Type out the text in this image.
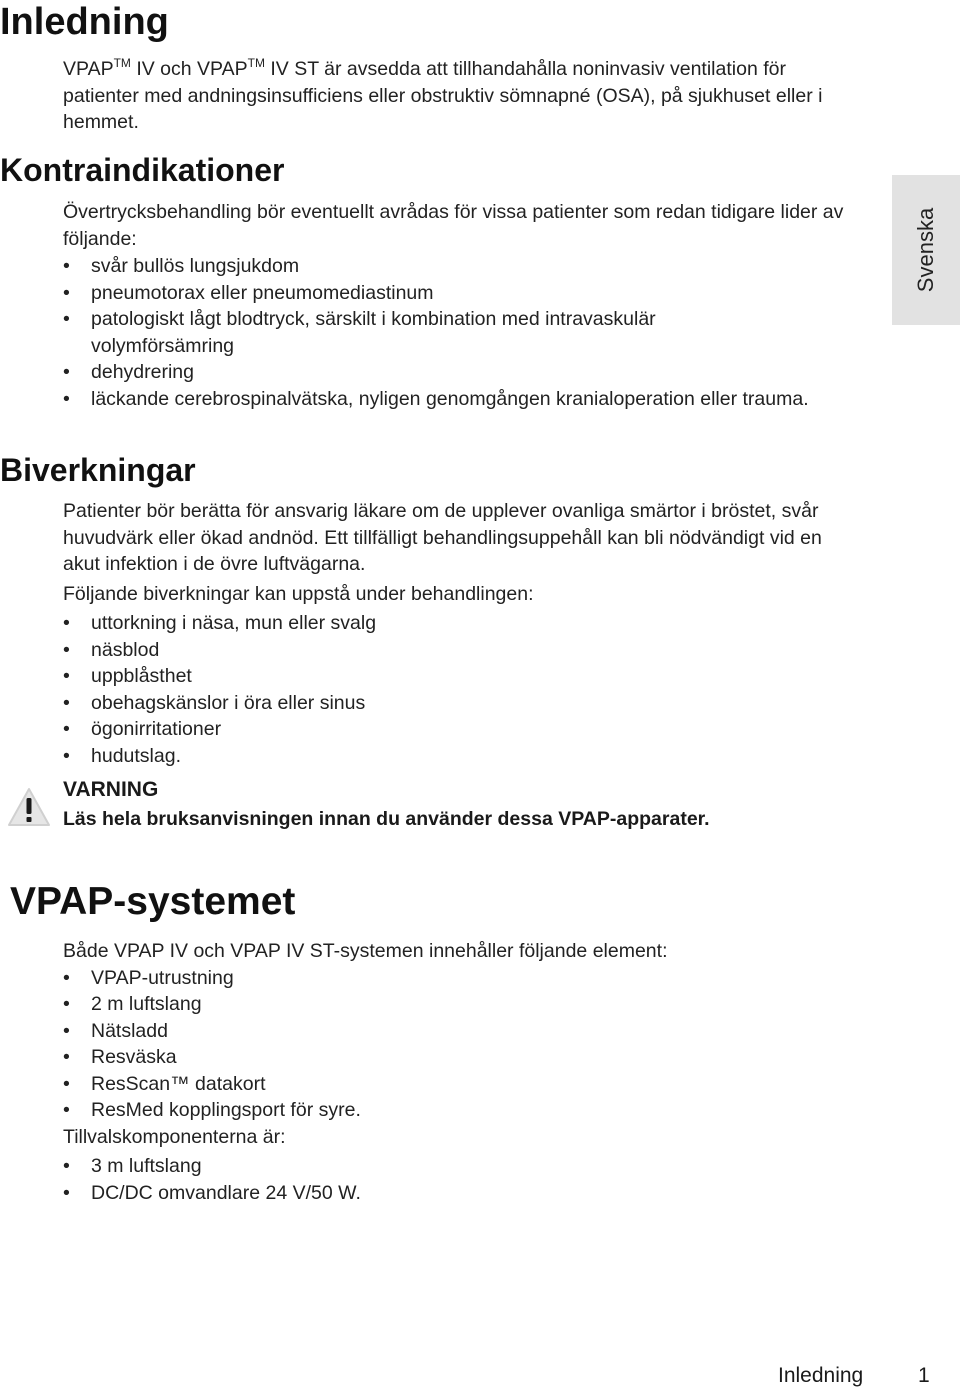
Svenska
Inledning

VPAP™ IV och VPAP™ IV ST är avsedda att tillhandahålla noninvasiv ventilation för patienter med andningsinsufficiens eller obstruktiv sömnapné (OSA), på sjukhuset eller i hemmet.

Kontraindikationer

Övertrycksbehandling bör eventuellt avrådas för vissa patienter som redan tidigare lider av följande:

• svår bullös lungsjukdom
• pneumotorax eller pneumomediastinum
• patologiskt lågt blodtryck, särskilt i kombination med intravaskulär volymförsämring
• dehydrering
• läckande cerebrospinalvätska, nyligen genomgången kranialoperation eller trauma.
Biverkningar

Patienter bör berätta för ansvarig läkare om de upplever ovanliga smärtor i bröstet, svår huvudvärk eller ökad andnöd. Ett tillfälligt behandlingsuppehåll kan bli nödvändigt vid en akut infektion i de övre luftvägarna.

Följande biverkningar kan uppstå under behandlingen:

• uttorkning i näsa, mun eller svalg
• näsblod
• uppblåsthet
• obehagskänslor i öra eller sinus
• ögonirritationer
• hudutslag.
VARNING
Läs hela bruksanvisningen innan du använder dessa VPAP-apparater.
VPAP-systemet

Både VPAP IV och VPAP IV ST-systemen innehåller följande element:

• VPAP-utrustning
• 2 m luftslang
• Nätsladd
• Resväska
• ResScan™ datakort
• ResMed kopplingsport för syre.

Tillvalskomponenterna är:

• 3 m luftslang
• DC/DC omvandlare 24 V/50 W.
Inledning	1
